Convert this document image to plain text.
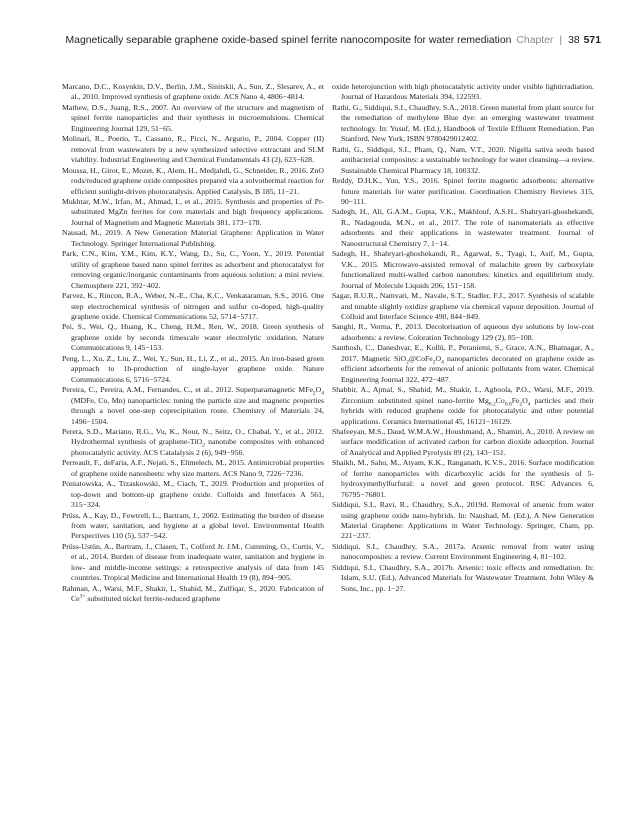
Magnetically separable graphene oxide-based spinel ferrite nanocomposite for water remediation Chapter | 38 571

Marcano, D.C., Kosynkin, D.V., Berlin, J.M., Sinitskii, A., Sun, Z., Slesarev, A., et al., 2010. Improved synthesis of graphene oxide. ACS Nano 4, 4806−4814.

Mathew, D.S., Juang, R.S., 2007. An overview of the structure and magnetism of spinel ferrite nanoparticles and their synthesis in microemulsions. Chemical Engineering Journal 129, 51−65.

Molinari, R., Poerio, T., Cassano, R., Picci, N., Argurio, P., 2004. Copper (II) removal from wastewaters by a new synthesized selective extractant and SLM viability. Industrial Engineering and Chemical Fundamentals 43 (2), 623−628.

Moussa, H., Girot, E., Mozet, K., Alem, H., Medjahdi, G., Schneider, R., 2016. ZnO rods/reduced graphene oxide composites prepared via a solvothermal reaction for efficient sunlight-driven photocatalysis. Applied Catalysis, B 185, 11−21.

Mukhtar, M.W., Irfan, M., Ahmad, I., et al., 2015. Synthesis and properties of Pr-substituted MgZn ferrites for core materials and high frequency applications. Journal of Magnetism and Magnetic Materials 381, 173−178.

Nausad, M., 2019. A New Generation Material Graphene: Application in Water Technology. Springer International Publishing.

Park, C.N., Kim, Y.M., Kim, K.Y., Wang, D., Su, C., Yoon, Y., 2019. Potential utility of graphene based nano spinel ferrites as adsorbent and photocatalyst for removing organic/inorganic contaminants from aqueous solution: a mini review. Chemosphere 221, 392−402.

Parvez, K., Rincon, R.A., Weber, N.-E., Cha, K.C., Venkataraman, S.S., 2016. One step electrochemical synthesis of nitrogen and sulfur co-doped, high-quality graphene oxide. Chemical Communications 52, 5714−5717.

Pei, S., Wei, Q., Huang, K., Cheng, H.M., Ren, W., 2018. Green synthesis of graphene oxide by seconds timescale water electrolytic oxidation. Nature Communications 9, 145−153.

Peng, L., Xu, Z., Liu, Z., Wei, Y., Sun, H., Li, Z., et al., 2015. An iron-based green approach to 1h-production of single-layer graphene oxide. Nature Communications 6, 5716−5724.

Pereira, C., Pereira, A.M., Fernandes, C., et al., 2012. Superparamagnetic $MFe_2O_4$ (MDFe, Co, Mn) nanoparticles: tuning the particle size and magnetic properties through a novel one-step coprecipitation route. Chemistry of Materials 24, 1496−1504.

Perera, S.D., Mariano, R.G., Vu, K., Nour, N., Seitz, O., Chabal, Y., et al., 2012. Hydrothermal synthesis of graphene-TiO$_2$ nanotube composites with enhanced photocatalytic activity. ACS Catalalysis 2 (6), 949−956.

Perreault, F., deFaria, A.F., Nejati, S., Elimelech, M., 2015. Antimicrobial properties of graphene oxide nanosheets: why size matters. ACS Nano 9, 7226−7236.

Poniatowska, A., Trzaskowski, M., Ciach, T., 2019. Production and properties of top-down and bottom-up graphene oxide. Colloids and Interfaces A 561, 315−324.

Prüss, A., Kay, D., Fewtrell, L., Bartram, J., 2002. Estimating the burden of disease from water, sanitation, and hygiene at a global level. Environmental Health Perspectives 110 (5), 537−542.

Prüss-Ustün, A., Bartram, J., Clasen, T., Colford Jr. J.M., Cumming, O., Curtis, V., et al., 2014. Burden of disease from inadequate water, sanitation and hygiene in low- and middle-income settings: a retrospective analysis of data from 145 countries. Tropical Medicine and International Health 19 (8), 894−905.

Rahman, A., Warsi, M.F., Shakir, I., Shahid, M., Zulfiqar, S., 2020. Fabrication of $Ce^{3+}$ substituted nickel ferrite-reduced graphene

oxide heterojunction with high photocatalytic activity under visible lightirradiation. Journal of Hazardous Materials 394, 122593.

Rathi, G., Siddiqui, S.I., Chaudhry, S.A., 2018. Green material from plant source for the remediation of methylene Blue dye: an emerging wastewater treatment technology. In: Yusuf, M. (Ed.), Handbook of Textile Effluent Remediation. Pan Stanford, New York, ISBN 9780429012402.

Rathi, G., Siddiqui, S.I., Pham, Q., Nam, V.T., 2020. Nigella sativa seeds based antibacterial composites: a sustainable technology for water cleansing—a review. Sustainable Chemical Pharmacy 18, 100332.

Reddy, D.H.K., Yun, Y.S., 2016. Spinel ferrite magnetic adsorbents: alternative future materials for water purification. Coordination Chemistry Reviews 315, 90−111.

Sadegh, H., Ali, G.A.M., Gupta, V.K., Makhlouf, A.S.H., Shahryari-ghoshekandi, R., Nadagouda, M.N., et al., 2017. The role of nanomaterials as effective adsorbents and their applications in wastewater treatment. Journal of Nanostructural Chemistry 7, 1−14.

Sadegh, H., Shahryari-ghoshekandi, R., Agarwal, S., Tyagi, I., Asif, M., Gupta, V.K., 2015. Microwave-assisted removal of malachite green by carboxylate functionalized multi-walled carbon nanotubes: kinetics and equilibrium study. Journal of Molecule Liquids 206, 151−158.

Sagar, R.U.R., Namvari, M., Navale, S.T., Stadler, F.J., 2017. Synthesis of scalable and tunable slightly oxidize graphene via chemical vapour deposition. Journal of Colloid and Interface Science 490, 844−849.

Sanghi, R., Verma, P., 2013. Decolorisation of aqueous dye solutions by low-cost adsorbents: a review. Coloration Technology 129 (2), 85−108.

Santhosh, C., Daneshvar, E., Kollü, P., Peraniemi, S., Grace, A.N., Bhatnagar, A., 2017. Magnetic $SiO_2@CoFe_2O_4$ nanoparticles decorated on graphene oxide as efficient adsorbents for the removal of anionic pollutants from water. Chemical Engineering Journal 322, 472−487.

Shabbir, A., Ajmal, S., Shahid, M., Shakir, I., Agboola, P.O., Warsi, M.F., 2019. Zirconium substituted spinel nano-ferrite $Mg_{0.2}Co_{0.8}Fe_2O_4$ particles and their hybrids with reduced graphene oxide for photocatalytic and other potential applications. Ceramics International 45, 16121−16129.

Shafeeyan, M.S., Daud, W.M.A.W., Houshmand, A., Shamiri, A., 2010. A review on surface modification of activated carbon for carbon dioxide adsorption. Journal of Analytical and Applied Pyrolysis 89 (2), 143−151.

Shaikh, M., Sahu, M., Atyam, K.K., Ranganath, K.V.S., 2016. Surface modification of ferrite nanoparticles with dicarboxylic acids for the synthesis of 5-hydroxymethylfurfural: a novel and green protocol. RSC Advances 6, 76795−76801.

Siddiqui, S.I., Ravi, R., Chaudhry, S.A., 2019d. Removal of arsenic from water using graphene oxide nano-hybrids. In: Naushad, M. (Ed.), A New Generation Material Graphene: Applications in Water Technology. Springer, Cham, pp. 221−237.

Siddiqui, S.I., Chaudhry, S.A., 2017a. Arsenic removal from water using nanocomposites: a review. Current Environment Engineering 4, 81−102.

Siddiqui, S.I., Chaudhry, S.A., 2017b. Arsenic: toxic effects and remediation. In: Islam, S.U. (Ed.), Advanced Materials for Wastewater Treatment. John Wiley & Sons, Inc., pp. 1−27.
